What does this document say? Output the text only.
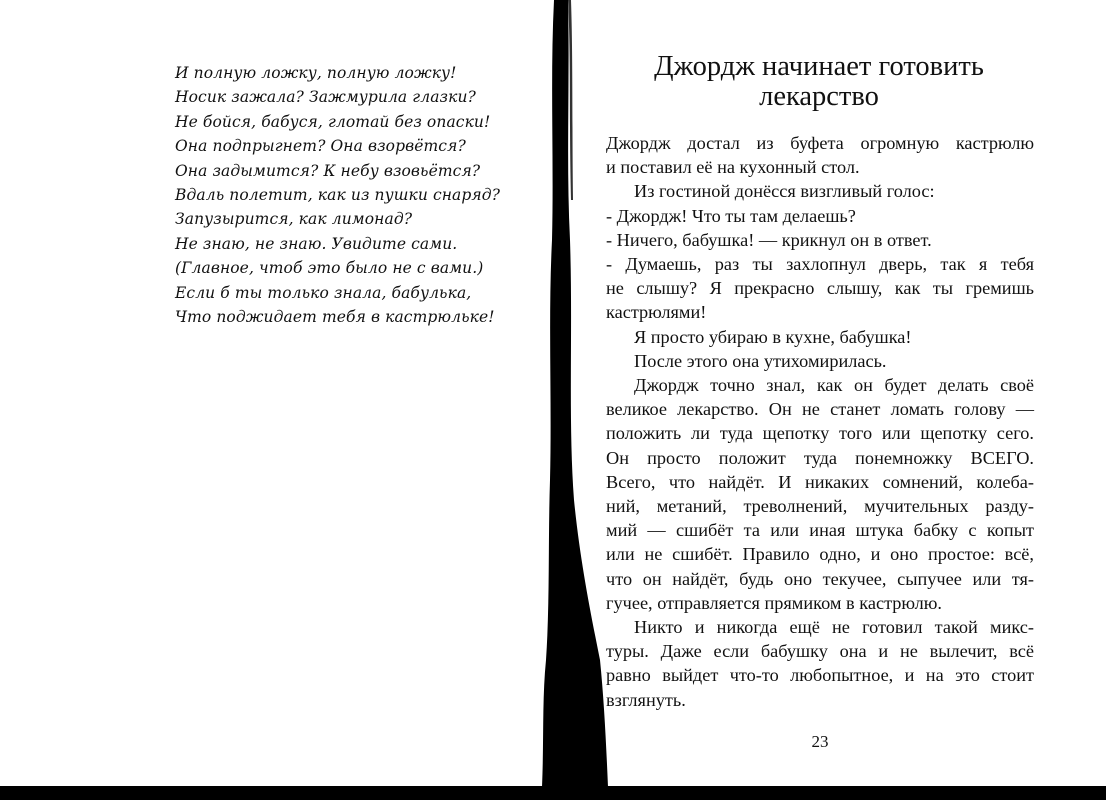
И полную ложку, полную ложку!
Носик зажала? Зажмурила глазки?
Не бойся, бабуся, глотай без опаски!
Она подпрыгнет? Она взорвётся?
Она задымится? К небу взовьётся?
Вдаль полетит, как из пушки снаряд?
Запузырится, как лимонад?
Не знаю, не знаю. Увидите сами.
(Главное, чтоб это было не с вами.)
Если б ты только знала, бабулька,
Что поджидает тебя в кастрюльке!
Джордж начинает готовить лекарство
Джордж достал из буфета огромную кастрюлю
и поставил её на кухонный стол.
Из гостиной донёсся визгливый голос:
- Джордж! Что ты там делаешь?
- Ничего, бабушка! — крикнул он в ответ.
- Думаешь, раз ты захлопнул дверь, так я тебя
не слышу? Я прекрасно слышу, как ты гремишь
кастрюлями!
Я просто убираю в кухне, бабушка!
После этого она утихомирилась.
Джордж точно знал, как он будет делать своё
великое лекарство. Он не станет ломать голову —
положить ли туда щепотку того или щепотку сего.
Он просто положит туда понемножку ВСЕГО.
Всего, что найдёт. И никаких сомнений, колеба-
ний, метаний, треволнений, мучительных разду-
мий — сшибёт та или иная штука бабку с копыт
или не сшибёт. Правило одно, и оно простое: всё,
что он найдёт, будь оно текучее, сыпучее или тя-
гучее, отправляется прямиком в кастрюлю.
Никто и никогда ещё не готовил такой микс-
туры. Даже если бабушку она и не вылечит, всё
равно выйдет что-то любопытное, и на это стоит
взглянуть.
23
